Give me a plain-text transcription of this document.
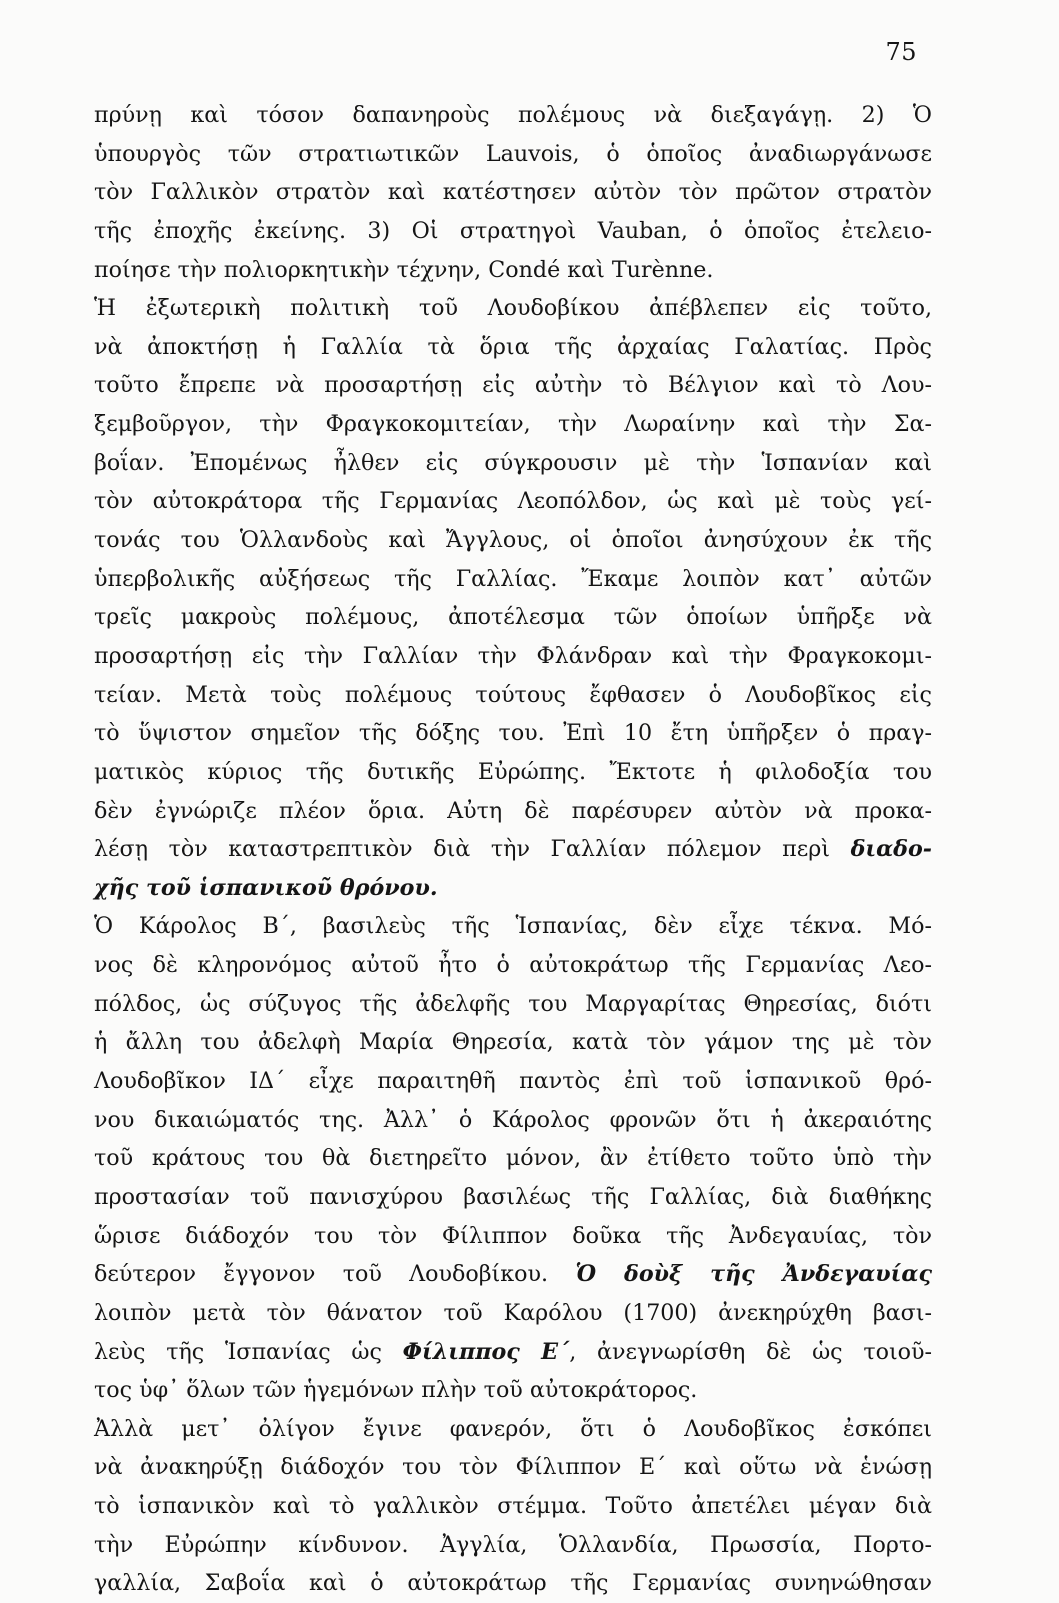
75
πρύνῃ καὶ τόσον δαπανηροὺς πολέμους νὰ διεξαγάγῃ. 2) Ὁ
ὑπουργὸς τῶν στρατιωτικῶν Lauvois, ὁ ὁποῖος ἀναδιωργάνωσε
τὸν Γαλλικὸν στρατὸν καὶ κατέστησεν αὐτὸν τὸν πρῶτον στρατὸν
τῆς ἐποχῆς ἐκείνης. 3) Οἱ στρατηγοὶ Vauban, ὁ ὁποῖος ἐτελειο-
ποίησε τὴν πολιορκητικὴν τέχνην, Condé καὶ Turènne.
Ἡ ἐξωτερικὴ πολιτικὴ τοῦ Λουδοβίκου ἀπέβλεπεν εἰς τοῦτο,
νὰ ἀποκτήσῃ ἡ Γαλλία τὰ ὅρια τῆς ἀρχαίας Γαλατίας. Πρὸς
τοῦτο ἔπρεπε νὰ προσαρτήσῃ εἰς αὐτὴν τὸ Βέλγιον καὶ τὸ Λου-
ξεμβοῦργον, τὴν Φραγκοκομιτείαν, τὴν Λωραίνην καὶ τὴν Σα-
βοΐαν. Ἐπομένως ἦλθεν εἰς σύγκρουσιν μὲ τὴν Ἱσπανίαν καὶ
τὸν αὐτοκράτορα τῆς Γερμανίας Λεοπόλδον, ὡς καὶ μὲ τοὺς γεί-
τονάς του Ὁλλανδοὺς καὶ Ἄγγλους, οἱ ὁποῖοι ἀνησύχουν ἐκ τῆς
ὑπερβολικῆς αὐξήσεως τῆς Γαλλίας. Ἔκαμε λοιπὸν κατ᾽ αὐτῶν
τρεῖς μακροὺς πολέμους, ἀποτέλεσμα τῶν ὁποίων ὑπῆρξε νὰ
προσαρτήσῃ εἰς τὴν Γαλλίαν τὴν Φλάνδραν καὶ τὴν Φραγκοκομι-
τείαν. Μετὰ τοὺς πολέμους τούτους ἔφθασεν ὁ Λουδοβῖκος εἰς
τὸ ὕψιστον σημεῖον τῆς δόξης του. Ἐπὶ 10 ἔτη ὑπῆρξεν ὁ πραγ-
ματικὸς κύριος τῆς δυτικῆς Εὐρώπης. Ἔκτοτε ἡ φιλοδοξία του
δὲν ἐγνώριζε πλέον ὅρια. Αὐτη δὲ παρέσυρεν αὐτὸν νὰ προκα-
λέσῃ τὸν καταστρεπτικὸν διὰ τὴν Γαλλίαν πόλεμον περὶ διαδο-
χῆς τοῦ ἱσπανικοῦ θρόνου.
Ὁ Κάρολος Β΄, βασιλεὺς τῆς Ἱσπανίας, δὲν εἶχε τέκνα. Μό-
νος δὲ κληρονόμος αὐτοῦ ἦτο ὁ αὐτοκράτωρ τῆς Γερμανίας Λεο-
πόλδος, ὡς σύζυγος τῆς ἀδελφῆς του Μαργαρίτας Θηρεσίας, διότι
ἡ ἄλλη του ἀδελφὴ Μαρία Θηρεσία, κατὰ τὸν γάμον της μὲ τὸν
Λουδοβῖκον ΙΔ΄ εἶχε παραιτηθῆ παντὸς ἐπὶ τοῦ ἱσπανικοῦ θρό-
νου δικαιώματός της. Ἀλλ᾽ ὁ Κάρολος φρονῶν ὅτι ἡ ἀκεραιότης
τοῦ κράτους του θὰ διετηρεῖτο μόνον, ἂν ἐτίθετο τοῦτο ὑπὸ τὴν
προστασίαν τοῦ πανισχύρου βασιλέως τῆς Γαλλίας, διὰ διαθήκης
ὥρισε διάδοχόν του τὸν Φίλιππον δοῦκα τῆς Ἀνδεγαυίας, τὸν
δεύτερον ἔγγονον τοῦ Λουδοβίκου. Ὁ δοὺξ τῆς Ἀνδεγαυίας
λοιπὸν μετὰ τὸν θάνατον τοῦ Καρόλου (1700) ἀνεκηρύχθη βασι-
λεὺς τῆς Ἱσπανίας ὡς Φίλιππος Ε΄, ἀνεγνωρίσθη δὲ ὡς τοιοῦ-
τος ὑφ᾽ ὅλων τῶν ἡγεμόνων πλὴν τοῦ αὐτοκράτορος.
Ἀλλὰ μετ᾽ ὀλίγον ἔγινε φανερόν, ὅτι ὁ Λουδοβῖκος ἐσκόπει
νὰ ἀνακηρύξῃ διάδοχόν του τὸν Φίλιππον Ε΄ καὶ οὕτω νὰ ἑνώσῃ
τὸ ἱσπανικὸν καὶ τὸ γαλλικὸν στέμμα. Τοῦτο ἀπετέλει μέγαν διὰ
τὴν Εὐρώπην κίνδυνον. Ἀγγλία, Ὁλλανδία, Πρωσσία, Πορτο-
γαλλία, Σαβοΐα καὶ ὁ αὐτοκράτωρ τῆς Γερμανίας συνηνώθησαν
